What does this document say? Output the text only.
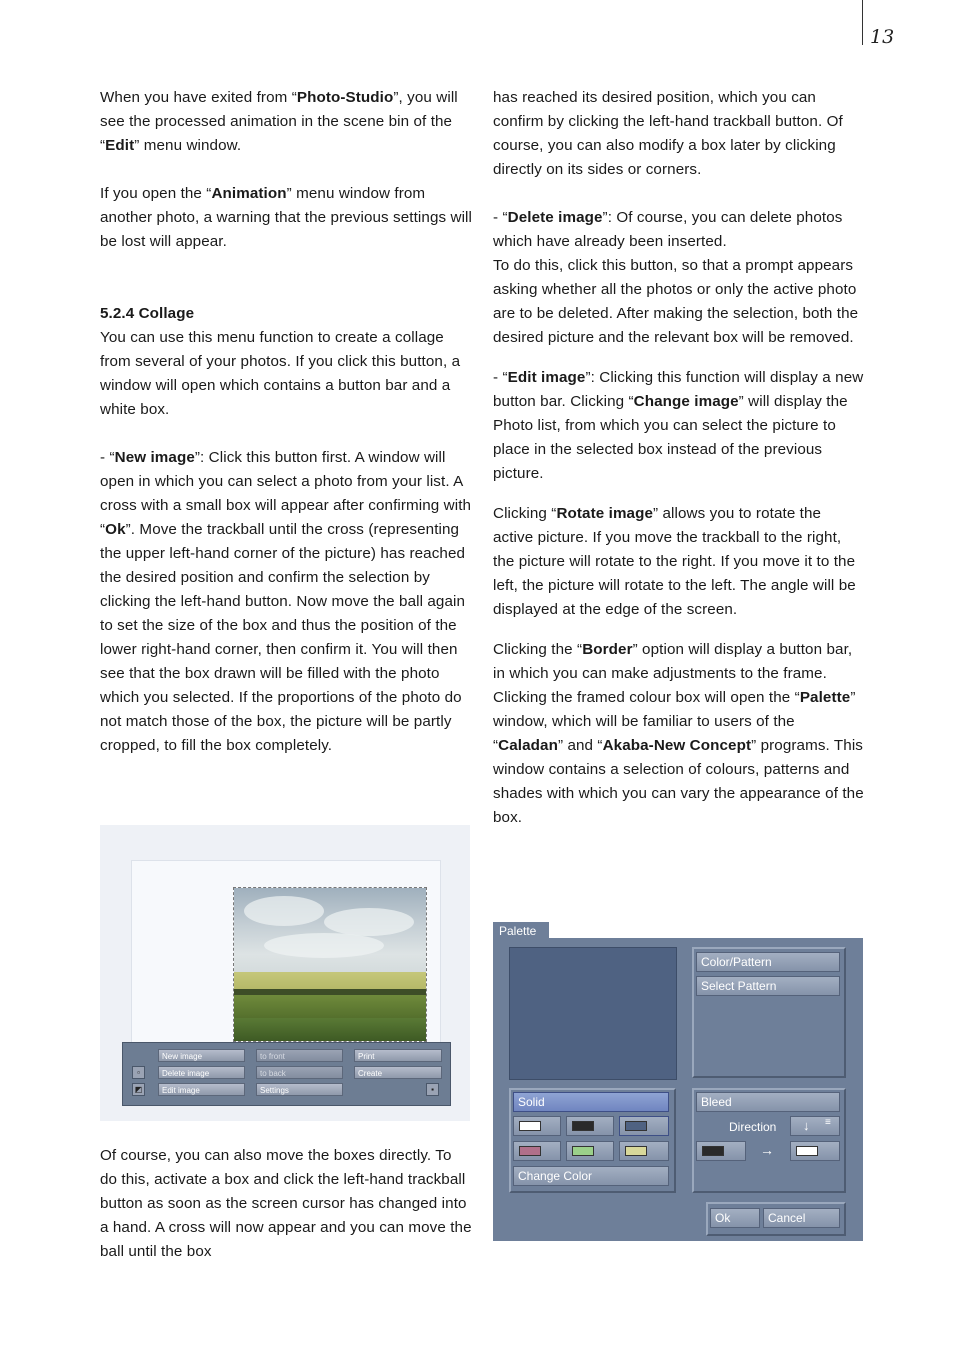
13

When you have exited from “Photo-Studio”, you will see the processed animation in the scene bin of the “Edit” menu window.

If you open the “Animation” menu window from another photo, a warning that the previous settings will be lost will appear.

5.2.4 Collage

You can use this menu function to create a collage from several of your photos. If you click this button, a window will open which contains a button bar and a white box.

- “New image”: Click this button first. A window will open in which you can select a photo from your list. A cross with a small box will appear after confirming with “Ok”. Move the trackball until the cross (representing the upper left-hand corner of the picture) has reached the desired position and confirm the selection by clicking the left-hand button. Now move the ball again to set the size of the box and thus the position of the lower right-hand corner, then confirm it. You will then see that the box drawn will be filled with the photo which you selected. If the proportions of the photo do not match those of the box, the picture will be partly cropped, to fill the box completely.

▫
◩
New image
Delete image
Edit image
to front
to back
Settings
Print
Create
▪

Of course, you can also move the boxes directly. To do this, activate a box and click the left-hand trackball button as soon as the screen cursor has changed into a hand. A cross will now appear and you can move the ball until the box

has reached its desired position, which you can confirm by clicking the left-hand trackball button. Of course, you can also modify a box later by clicking directly on its sides or corners.

- “Delete image”: Of course, you can delete photos which have already been inserted.

To do this, click this button, so that a prompt appears asking whether all the photos or only the active photo are to be deleted. After making the selection, both the desired picture and the relevant box will be removed.

- “Edit image”: Clicking this function will display a new button bar. Clicking “Change image” will display the Photo list, from which you can select the picture to place in the selected box instead of the previous picture.

Clicking “Rotate image” allows you to rotate the active picture. If you move the trackball to the right, the picture will rotate to the right. If you move it to the left, the picture will rotate to the left. The angle will be displayed at the edge of the screen.

Clicking the “Border” option will display a button bar, in which you can make adjustments to the frame. Clicking the framed colour box will open the “Palette” window, which will be familiar to users of the “Caladan” and “Akaba-New Concept” programs. This window contains a selection of colours, patterns and shades with which you can vary the appearance of the box.

Palette
Color/Pattern
Select Pattern
Solid
Change Color
Bleed
Direction ↓ ≡
→
Ok	Cancel
